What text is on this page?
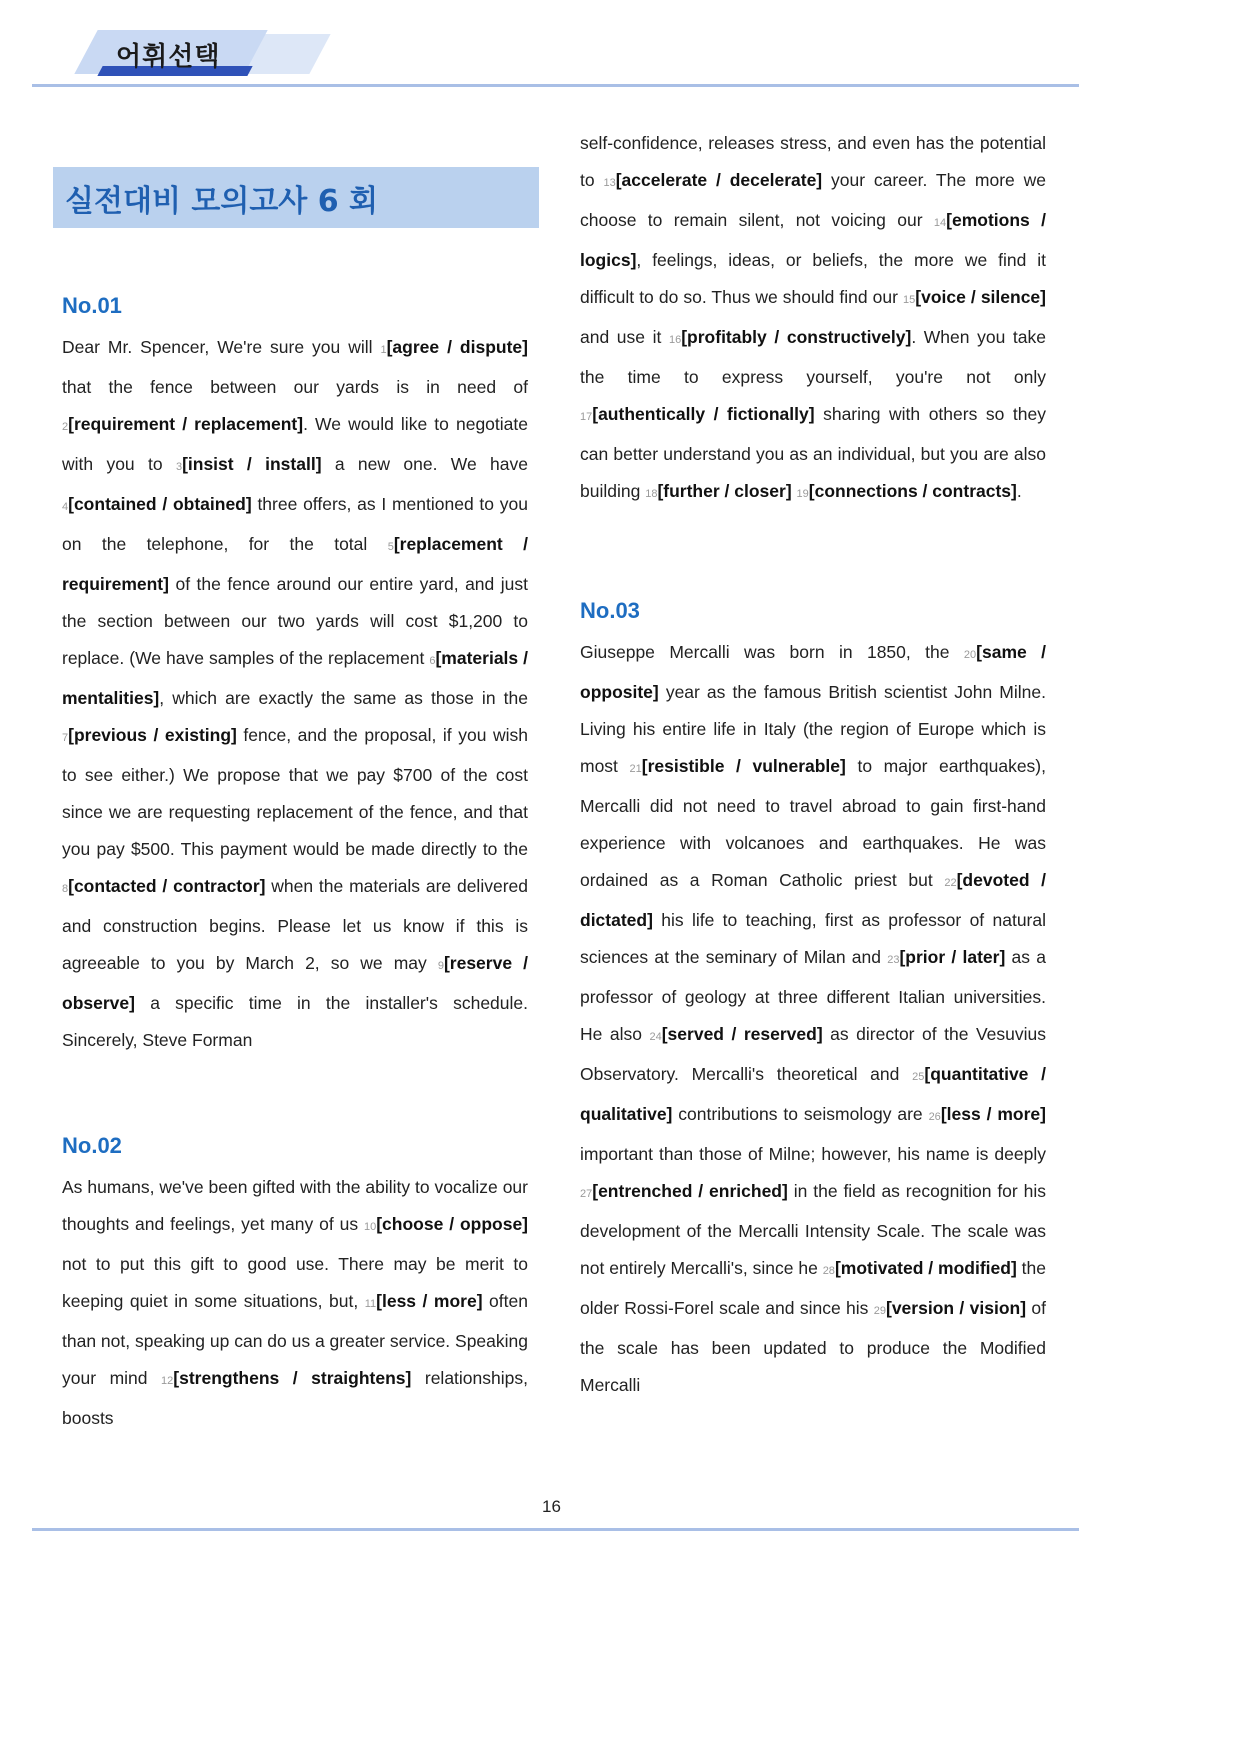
어휘선택
실전대비 모의고사 6 회
No.01

Dear Mr. Spencer, We're sure you will 1[agree / dispute] that the fence between our yards is in need of 2[requirement / replacement]. We would like to negotiate with you to 3[insist / install] a new one. We have 4[contained / obtained] three offers, as I mentioned to you on the telephone, for the total 5[replacement / requirement] of the fence around our entire yard, and just the section between our two yards will cost $1,200 to replace. (We have samples of the replacement 6[materials / mentalities], which are exactly the same as those in the 7[previous / existing] fence, and the proposal, if you wish to see either.) We propose that we pay $700 of the cost since we are requesting replacement of the fence, and that you pay $500. This payment would be made directly to the 8[contacted / contractor] when the materials are delivered and construction begins. Please let us know if this is agreeable to you by March 2, so we may 9[reserve / observe] a specific time in the installer's schedule. Sincerely, Steve Forman

No.02

As humans, we've been gifted with the ability to vocalize our thoughts and feelings, yet many of us 10[choose / oppose] not to put this gift to good use. There may be merit to keeping quiet in some situations, but, 11[less / more] often than not, speaking up can do us a greater service. Speaking your mind 12[strengthens / straightens] relationships, boosts

self-confidence, releases stress, and even has the potential to 13[accelerate / decelerate] your career. The more we choose to remain silent, not voicing our 14[emotions / logics], feelings, ideas, or beliefs, the more we find it difficult to do so. Thus we should find our 15[voice / silence] and use it 16[profitably / constructively]. When you take the time to express yourself, you're not only 17[authentically / fictionally] sharing with others so they can better understand you as an individual, but you are also building 18[further / closer] 19[connections / contracts].

No.03

Giuseppe Mercalli was born in 1850, the 20[same / opposite] year as the famous British scientist John Milne. Living his entire life in Italy (the region of Europe which is most 21[resistible / vulnerable] to major earthquakes), Mercalli did not need to travel abroad to gain first-hand experience with volcanoes and earthquakes. He was ordained as a Roman Catholic priest but 22[devoted / dictated] his life to teaching, first as professor of natural sciences at the seminary of Milan and 23[prior / later] as a professor of geology at three different Italian universities. He also 24[served / reserved] as director of the Vesuvius Observatory. Mercalli's theoretical and 25[quantitative / qualitative] contributions to seismology are 26[less / more] important than those of Milne; however, his name is deeply 27[entrenched / enriched] in the field as recognition for his development of the Mercalli Intensity Scale. The scale was not entirely Mercalli's, since he 28[motivated / modified] the older Rossi-Forel scale and since his 29[version / vision] of the scale has been updated to produce the Modified Mercalli

16
